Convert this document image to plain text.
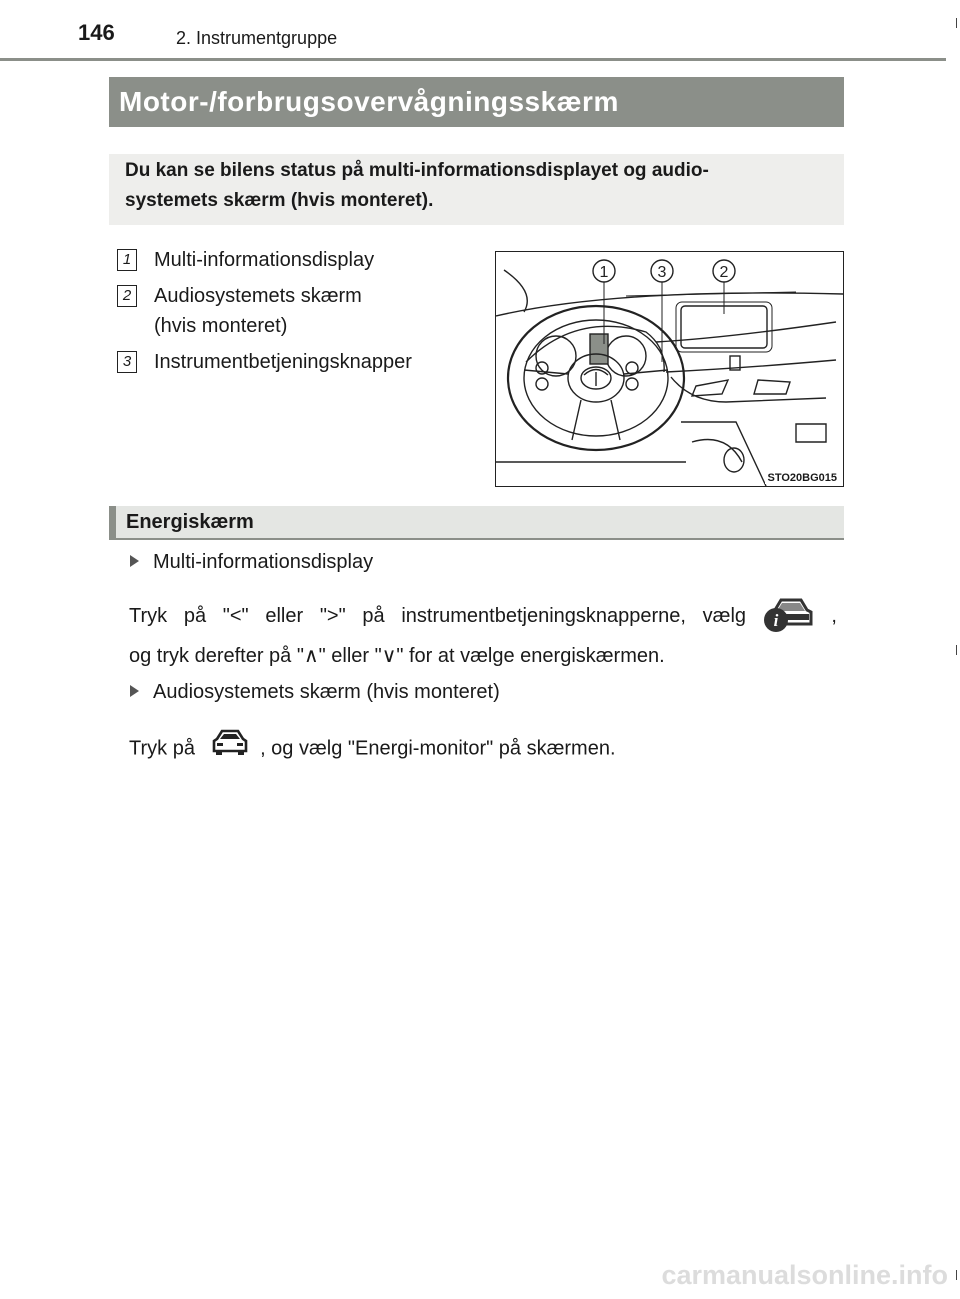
146	2. Instrumentgruppe
Motor-/forbrugsovervågningsskærm
Du kan se bilens status på multi-informationsdisplayet og audio-
systemets skærm (hvis monteret).
1 Multi-informationsdisplay
2 Audiosystemets skærm
(hvis monteret)
3 Instrumentbetjeningsknapper
1	3	2
STO20BG015
Energiskærm
Multi-informationsdisplay
Tryk på "<" eller ">" på instrumentbetjeningsknapperne, vælg i	,
og tryk derefter på "∧" eller "∨" for at vælge energiskærmen.
Audiosystemets skærm (hvis monteret)
Tryk på	, og vælg "Energi-monitor" på skærmen.
carmanualsonline.info
